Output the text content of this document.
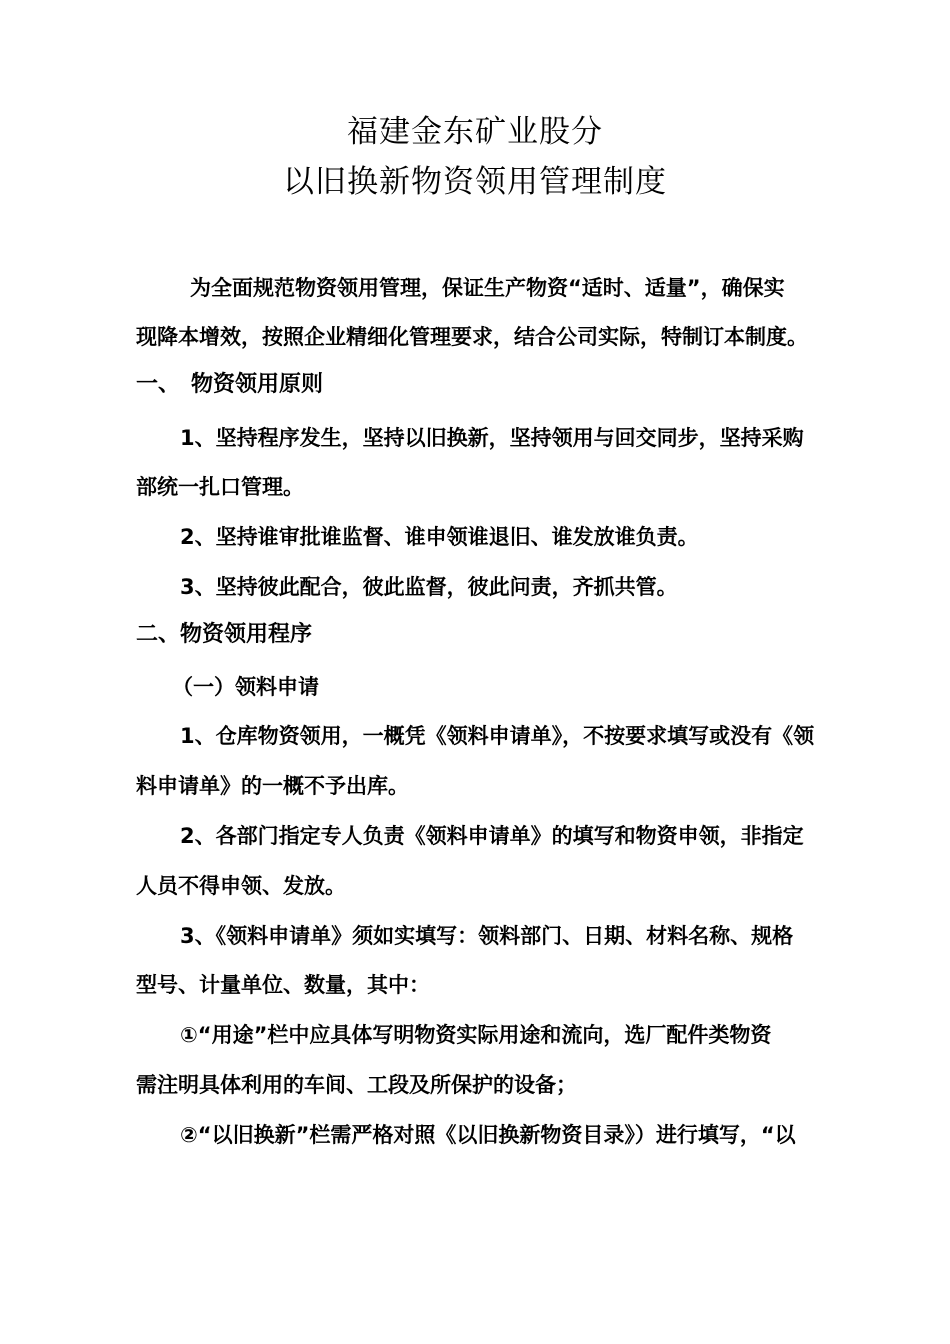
福建金东矿业股分
以旧换新物资领用管理制度
为全面规范物资领用管理，保证生产物资“适时、适量”，确保实
现降本增效，按照企业精细化管理要求，结合公司实际，特制订本制度。
一、　物资领用原则
1、坚持程序发生，坚持以旧换新，坚持领用与回交同步，坚持采购
部统一扎口管理。
2、坚持谁审批谁监督、谁申领谁退旧、谁发放谁负责。
3、坚持彼此配合，彼此监督，彼此问责，齐抓共管。
二、物资领用程序
（一）领料申请
1、仓库物资领用，一概凭《领料申请单》，不按要求填写或没有《领
料申请单》的一概不予出库。
2、各部门指定专人负责《领料申请单》的填写和物资申领，非指定
人员不得申领、发放。
3、《领料申请单》须如实填写：领料部门、日期、材料名称、规格
型号、计量单位、数量，其中：
①“用途”栏中应具体写明物资实际用途和流向，选厂配件类物资
需注明具体利用的车间、工段及所保护的设备；
②“以旧换新”栏需严格对照《以旧换新物资目录》）进行填写，“以
